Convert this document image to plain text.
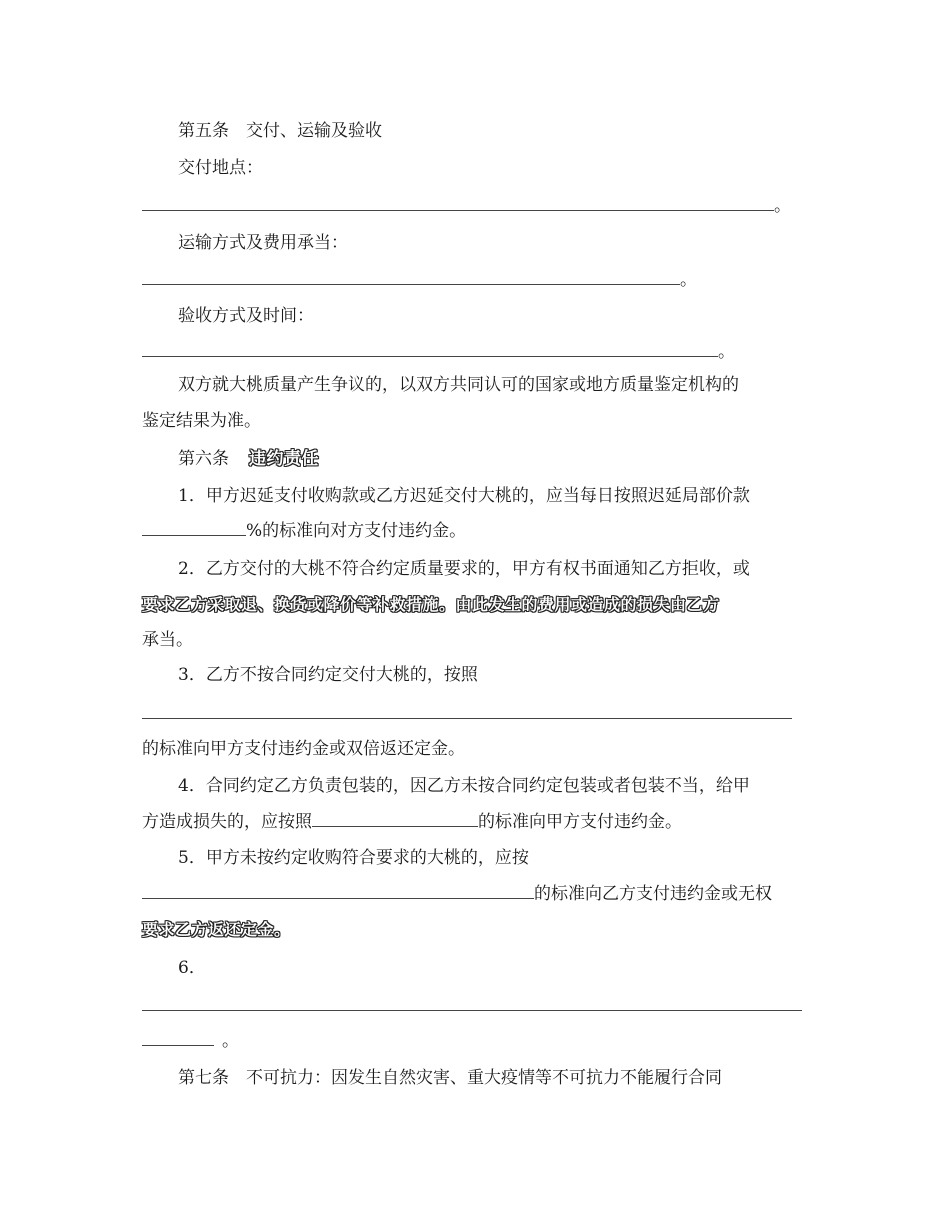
第五条　交付、运输及验收
交付地点：
。
运输方式及费用承当：
。
验收方式及时间：
。
双方就大桃质量产生争议的，以双方共同认可的国家或地方质量鉴定机构的
鉴定结果为准。
第六条 违约责任
1．甲方迟延支付收购款或乙方迟延交付大桃的，应当每日按照迟延局部价款
%的标准向对方支付违约金。
2．乙方交付的大桃不符合约定质量要求的，甲方有权书面通知乙方拒收，或
要求乙方采取退、换货或降价等补救措施。由此发生的费用或造成的损失由乙方
承当。
3．乙方不按合同约定交付大桃的，按照
的标准向甲方支付违约金或双倍返还定金。
4．合同约定乙方负责包装的，因乙方未按合同约定包装或者包装不当，给甲
方造成损失的，应按照	的标准向甲方支付违约金。
5．甲方未按约定收购符合要求的大桃的，应按
的标准向乙方支付违约金或无权
要求乙方返还定金。
6．
。
第七条　不可抗力：因发生自然灾害、重大疫情等不可抗力不能履行合同
